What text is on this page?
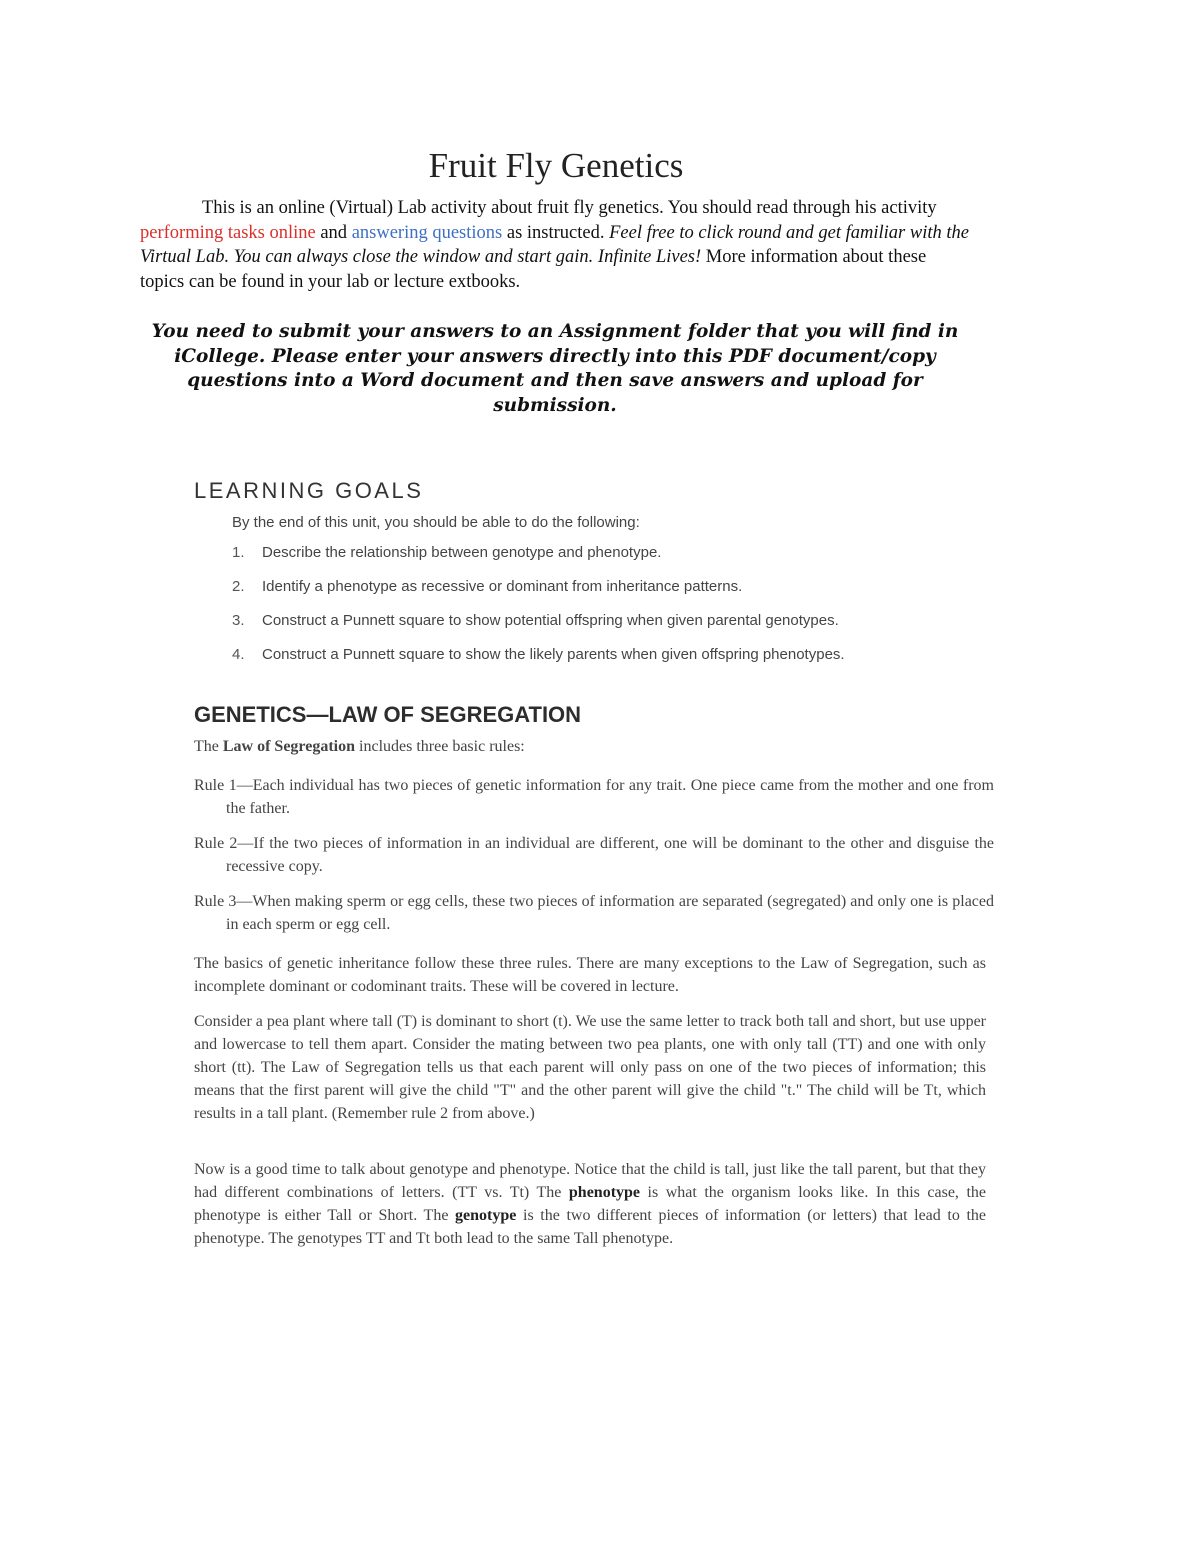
Fruit Fly Genetics

This is an online (Virtual) Lab activity about fruit fly genetics. You should read through his activity performing tasks online and answering questions as instructed. Feel free to click round and get familiar with the Virtual Lab. You can always close the window and start gain. Infinite Lives! More information about these topics can be found in your lab or lecture extbooks.

You need to submit your answers to an Assignment folder that you will find in iCollege. Please enter your answers directly into this PDF document/copy questions into a Word document and then save answers and upload for submission.

LEARNING GOALS

By the end of this unit, you should be able to do the following:

1. Describe the relationship between genotype and phenotype.
2. Identify a phenotype as recessive or dominant from inheritance patterns.
3. Construct a Punnett square to show potential offspring when given parental genotypes.
4. Construct a Punnett square to show the likely parents when given offspring phenotypes.
GENETICS—LAW OF SEGREGATION

The Law of Segregation includes three basic rules:

Rule 1—Each individual has two pieces of genetic information for any trait. One piece came from the mother and one from the father.
Rule 2—If the two pieces of information in an individual are different, one will be dominant to the other and disguise the recessive copy.
Rule 3—When making sperm or egg cells, these two pieces of information are separated (segregated) and only one is placed in each sperm or egg cell.

The basics of genetic inheritance follow these three rules. There are many exceptions to the Law of Segregation, such as incomplete dominant or codominant traits. These will be covered in lecture.

Consider a pea plant where tall (T) is dominant to short (t). We use the same letter to track both tall and short, but use upper and lowercase to tell them apart. Consider the mating between two pea plants, one with only tall (TT) and one with only short (tt). The Law of Segregation tells us that each parent will only pass on one of the two pieces of information; this means that the first parent will give the child "T" and the other parent will give the child "t." The child will be Tt, which results in a tall plant. (Remember rule 2 from above.)

Now is a good time to talk about genotype and phenotype. Notice that the child is tall, just like the tall parent, but that they had different combinations of letters. (TT vs. Tt) The phenotype is what the organism looks like. In this case, the phenotype is either Tall or Short. The genotype is the two different pieces of information (or letters) that lead to the phenotype. The genotypes TT and Tt both lead to the same Tall phenotype.
